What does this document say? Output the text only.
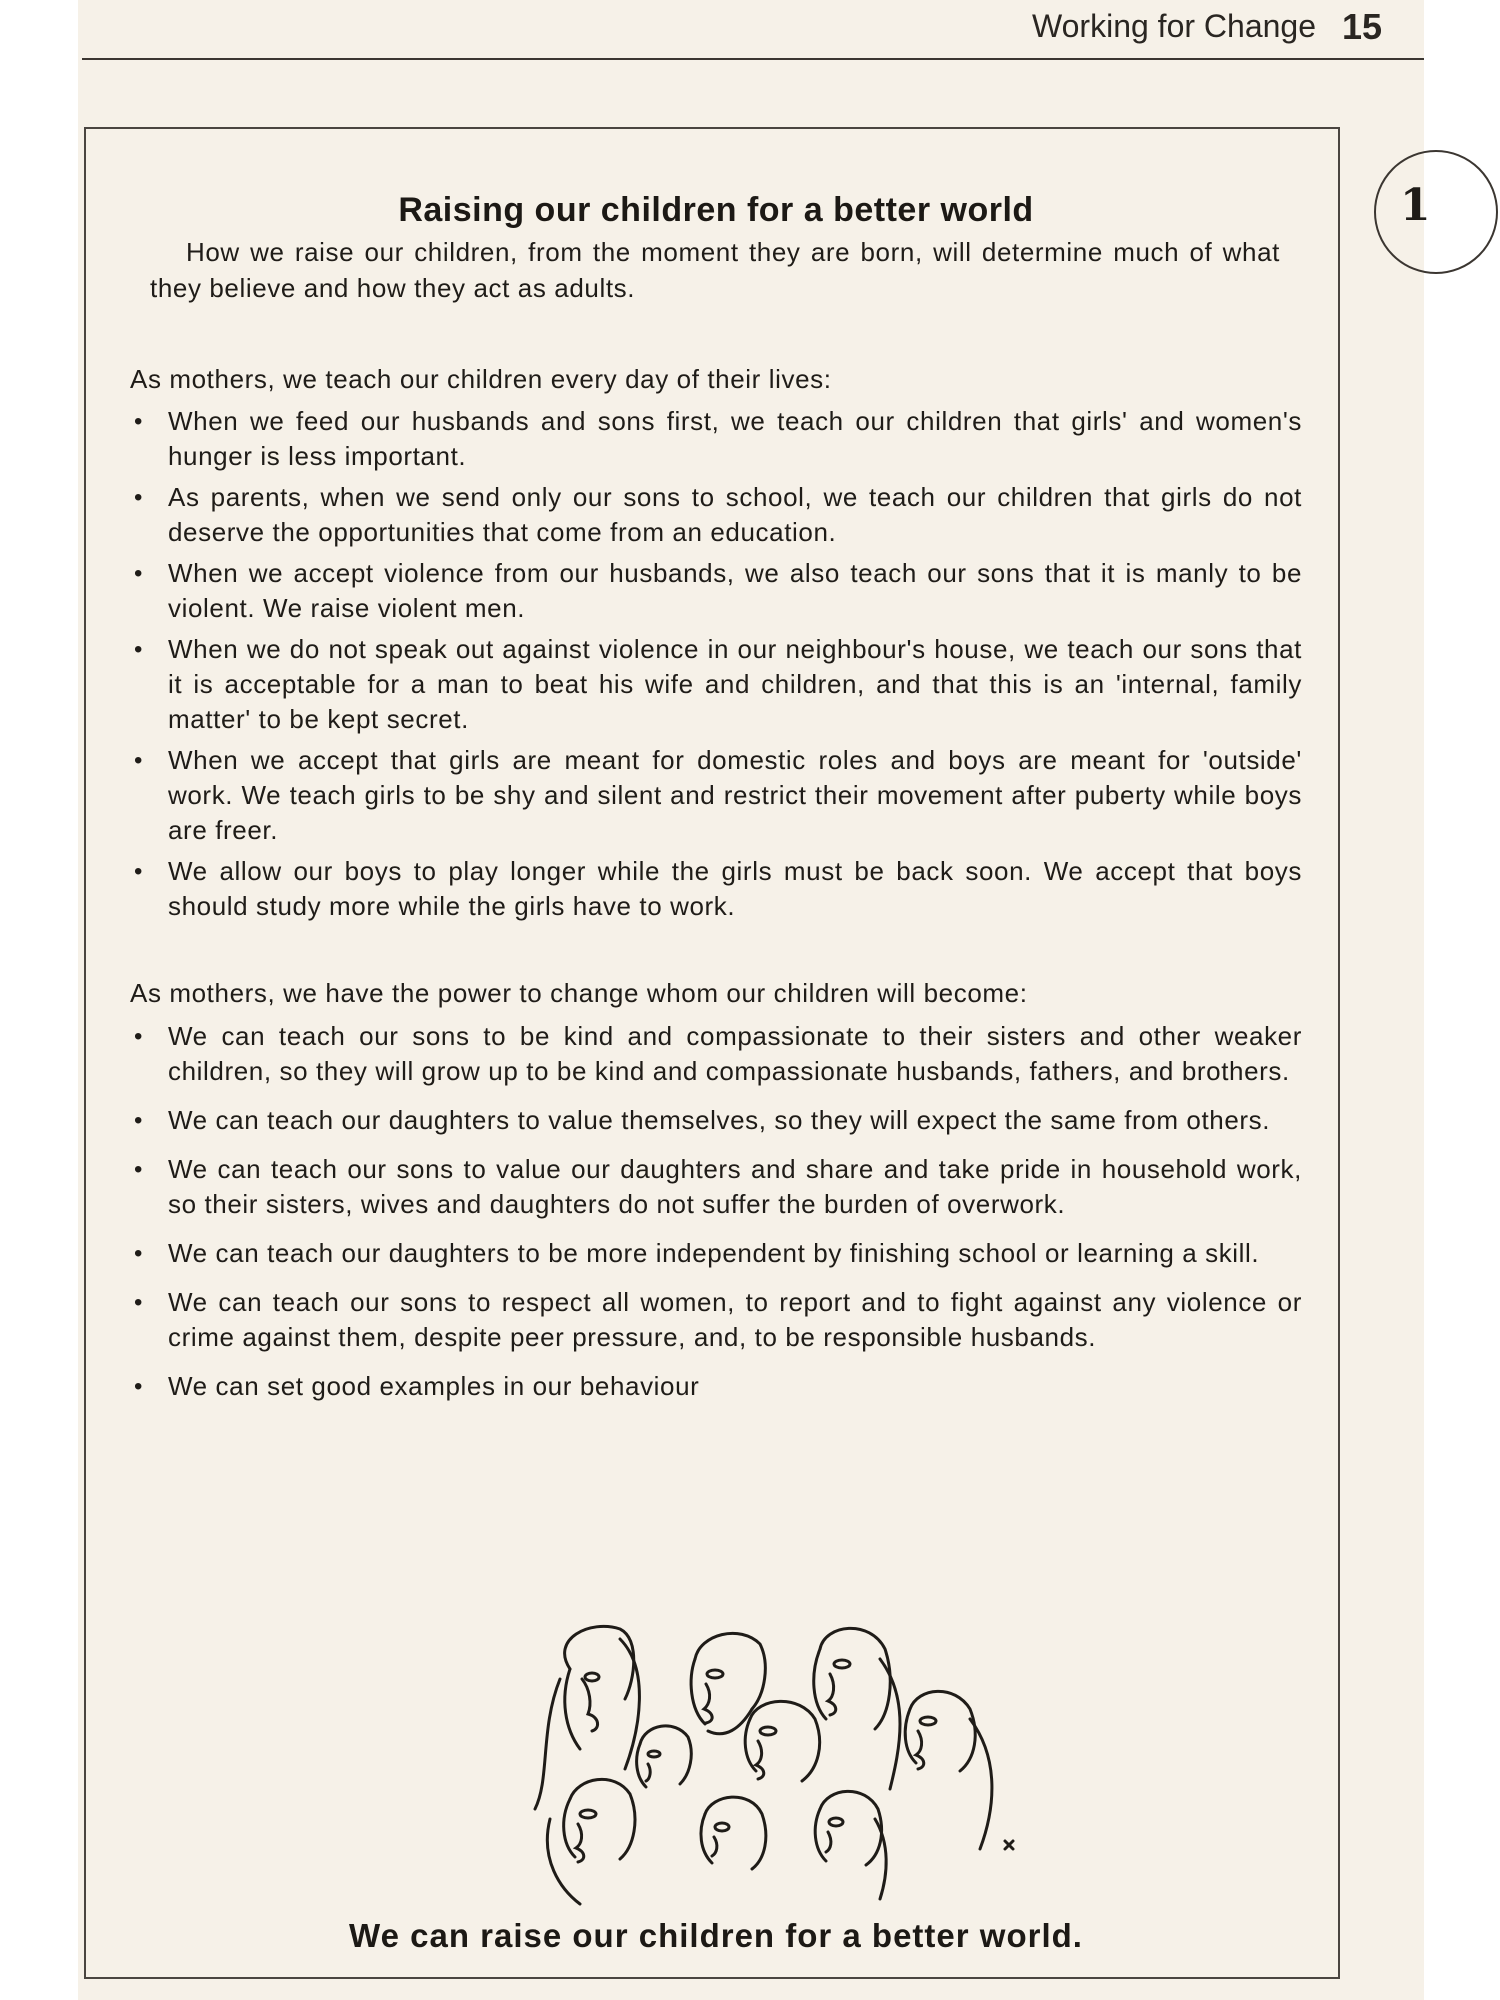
Working for Change 15
1
Raising our children for a better world

How we raise our children, from the moment they are born, will determine much of what they believe and how they act as adults.

As mothers, we teach our children every day of their lives:

• When we feed our husbands and sons first, we teach our children that girls' and women's hunger is less important.
• As parents, when we send only our sons to school, we teach our children that girls do not deserve the opportunities that come from an education.
• When we accept violence from our husbands, we also teach our sons that it is manly to be violent. We raise violent men.
• When we do not speak out against violence in our neighbour's house, we teach our sons that it is acceptable for a man to beat his wife and children, and that this is an 'internal, family matter' to be kept secret.
• When we accept that girls are meant for domestic roles and boys are meant for 'outside' work. We teach girls to be shy and silent and restrict their movement after puberty while boys are freer.
• We allow our boys to play longer while the girls must be back soon. We accept that boys should study more while the girls have to work.

As mothers, we have the power to change whom our children will become:

• We can teach our sons to be kind and compassionate to their sisters and other weaker children, so they will grow up to be kind and compassionate husbands, fathers, and brothers.
• We can teach our daughters to value themselves, so they will expect the same from others.
• We can teach our sons to value our daughters and share and take pride in household work, so their sisters, wives and daughters do not suffer the burden of overwork.
• We can teach our daughters to be more independent by finishing school or learning a skill.
• We can teach our sons to respect all women, to report and to fight against any violence or crime against them, despite peer pressure, and, to be responsible husbands.
• We can set good examples in our behaviour
We can raise our children for a better world.
